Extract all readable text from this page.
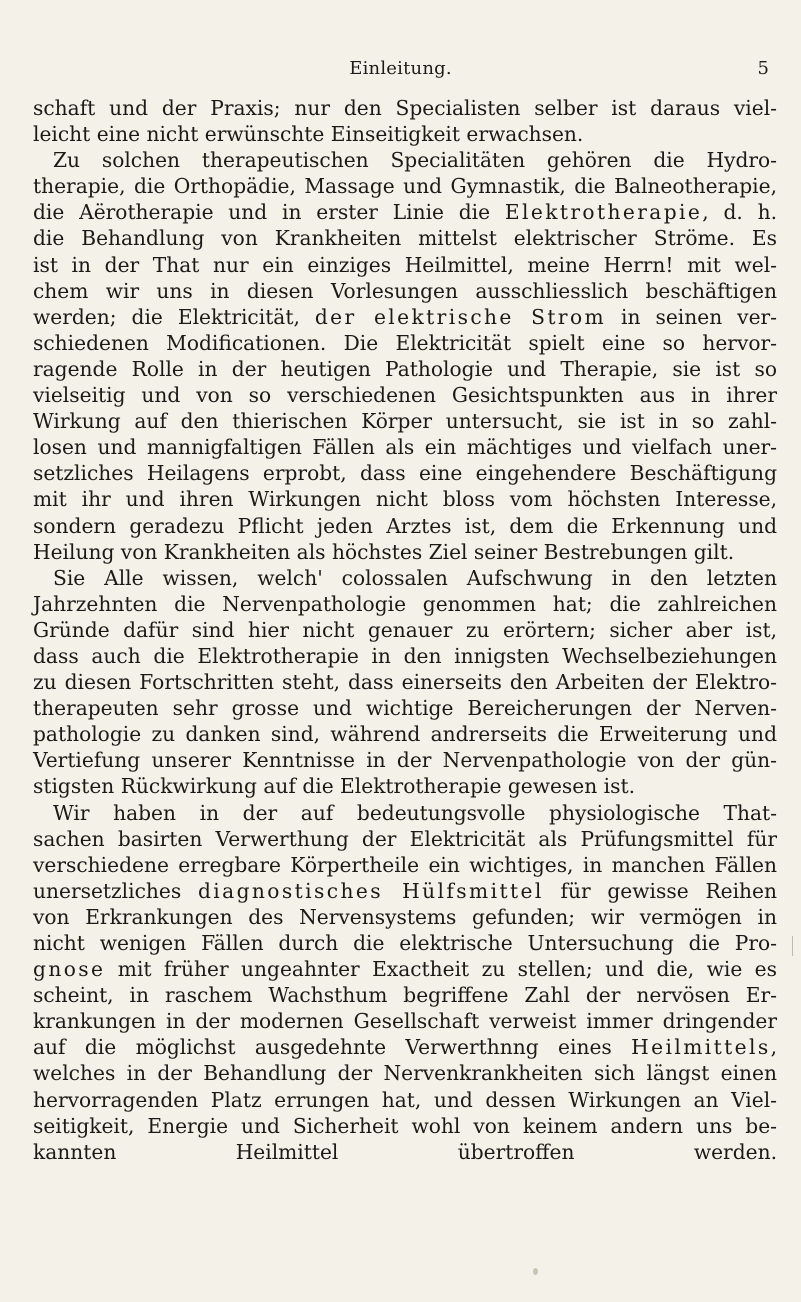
Einleitung.	5
schaft und der Praxis; nur den Specialisten selber ist daraus viel-
leicht eine nicht erwünschte Einseitigkeit erwachsen.
Zu solchen therapeutischen Specialitäten gehören die Hydro-
therapie, die Orthopädie, Massage und Gymnastik, die Balneotherapie,
die Aërotherapie und in erster Linie die Elektrotherapie, d. h.
die Behandlung von Krankheiten mittelst elektrischer Ströme. Es
ist in der That nur ein einziges Heilmittel, meine Herrn! mit wel-
chem wir uns in diesen Vorlesungen ausschliesslich beschäftigen
werden; die Elektricität, der elektrische Strom in seinen ver-
schiedenen Modificationen. Die Elektricität spielt eine so hervor-
ragende Rolle in der heutigen Pathologie und Therapie, sie ist so
vielseitig und von so verschiedenen Gesichtspunkten aus in ihrer
Wirkung auf den thierischen Körper untersucht, sie ist in so zahl-
losen und mannigfaltigen Fällen als ein mächtiges und vielfach uner-
setzliches Heilagens erprobt, dass eine eingehendere Beschäftigung
mit ihr und ihren Wirkungen nicht bloss vom höchsten Interesse,
sondern geradezu Pflicht jeden Arztes ist, dem die Erkennung und
Heilung von Krankheiten als höchstes Ziel seiner Bestrebungen gilt.
Sie Alle wissen, welch' colossalen Aufschwung in den letzten
Jahrzehnten die Nervenpathologie genommen hat; die zahlreichen
Gründe dafür sind hier nicht genauer zu erörtern; sicher aber ist,
dass auch die Elektrotherapie in den innigsten Wechselbeziehungen
zu diesen Fortschritten steht, dass einerseits den Arbeiten der Elektro-
therapeuten sehr grosse und wichtige Bereicherungen der Nerven-
pathologie zu danken sind, während andrerseits die Erweiterung und
Vertiefung unserer Kenntnisse in der Nervenpathologie von der gün-
stigsten Rückwirkung auf die Elektrotherapie gewesen ist.
Wir haben in der auf bedeutungsvolle physiologische That-
sachen basirten Verwerthung der Elektricität als Prüfungsmittel für
verschiedene erregbare Körpertheile ein wichtiges, in manchen Fällen
unersetzliches diagnostisches Hülfsmittel für gewisse Reihen
von Erkrankungen des Nervensystems gefunden; wir vermögen in
nicht wenigen Fällen durch die elektrische Untersuchung die Pro-
gnose mit früher ungeahnter Exactheit zu stellen; und die, wie es
scheint, in raschem Wachsthum begriffene Zahl der nervösen Er-
krankungen in der modernen Gesellschaft verweist immer dringender
auf die möglichst ausgedehnte Verwerthnng eines Heilmittels,
welches in der Behandlung der Nervenkrankheiten sich längst einen
hervorragenden Platz errungen hat, und dessen Wirkungen an Viel-
seitigkeit, Energie und Sicherheit wohl von keinem andern uns be-
kannten Heilmittel übertroffen werden.
